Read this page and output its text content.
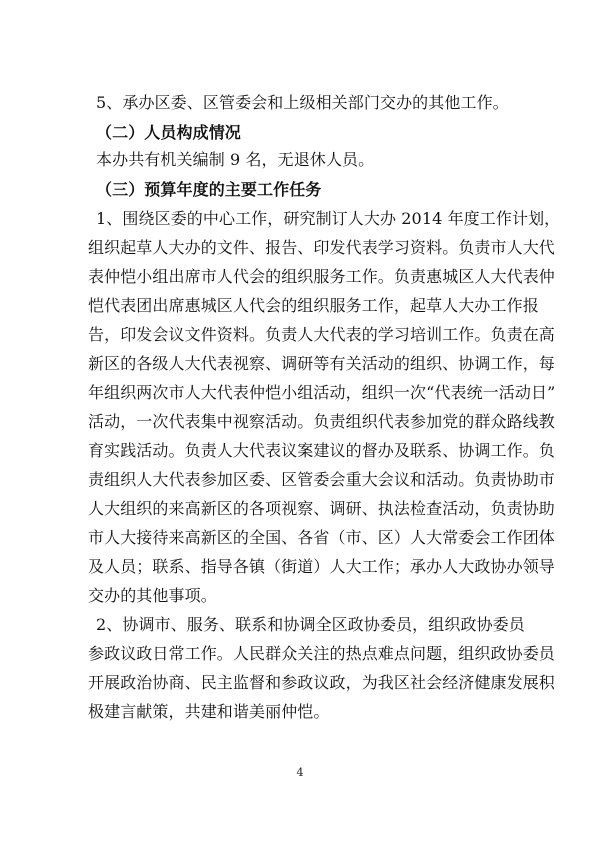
5、承办区委、区管委会和上级相关部门交办的其他工作。
（二）人员构成情况
本办共有机关编制 9 名，无退休人员。
（三）预算年度的主要工作任务
1、围绕区委的中心工作，研究制订人大办 2014 年度工作计划，
组织起草人大办的文件、报告、印发代表学习资料。负责市人大代
表仲恺小组出席市人代会的组织服务工作。负责惠城区人大代表仲
恺代表团出席惠城区人代会的组织服务工作，起草人大办工作报
告，印发会议文件资料。负责人大代表的学习培训工作。负责在高
新区的各级人大代表视察、调研等有关活动的组织、协调工作，每
年组织两次市人大代表仲恺小组活动，组织一次“代表统一活动日”
活动，一次代表集中视察活动。负责组织代表参加党的群众路线教
育实践活动。负责人大代表议案建议的督办及联系、协调工作。负
责组织人大代表参加区委、区管委会重大会议和活动。负责协助市
人大组织的来高新区的各项视察、调研、执法检查活动，负责协助
市人大接待来高新区的全国、各省（市、区）人大常委会工作团体
及人员；联系、指导各镇（街道）人大工作；承办人大政协办领导
交办的其他事项。
2、协调市、服务、联系和协调全区政协委员，组织政协委员
参政议政日常工作。人民群众关注的热点难点问题，组织政协委员
开展政治协商、民主监督和参政议政，为我区社会经济健康发展积
极建言献策，共建和谐美丽仲恺。
4
